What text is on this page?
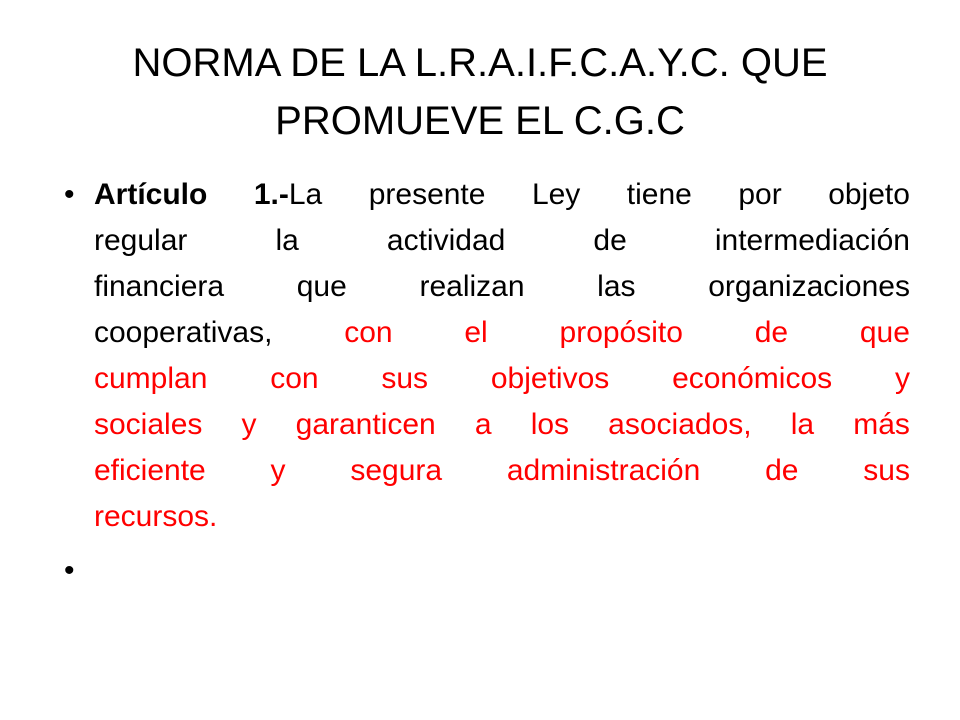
NORMA DE LA L.R.A.I.F.C.A.Y.C. QUE
PROMUEVE EL C.G.C
• Artículo 1.-La presente Ley tiene por objeto
regular	la	actividad	de	intermediación
financiera que realizan las organizaciones
cooperativas, con el propósito de que
cumplan con sus objetivos económicos y
sociales y garanticen a los asociados, la más
eficiente y segura administración de sus
recursos.
•
